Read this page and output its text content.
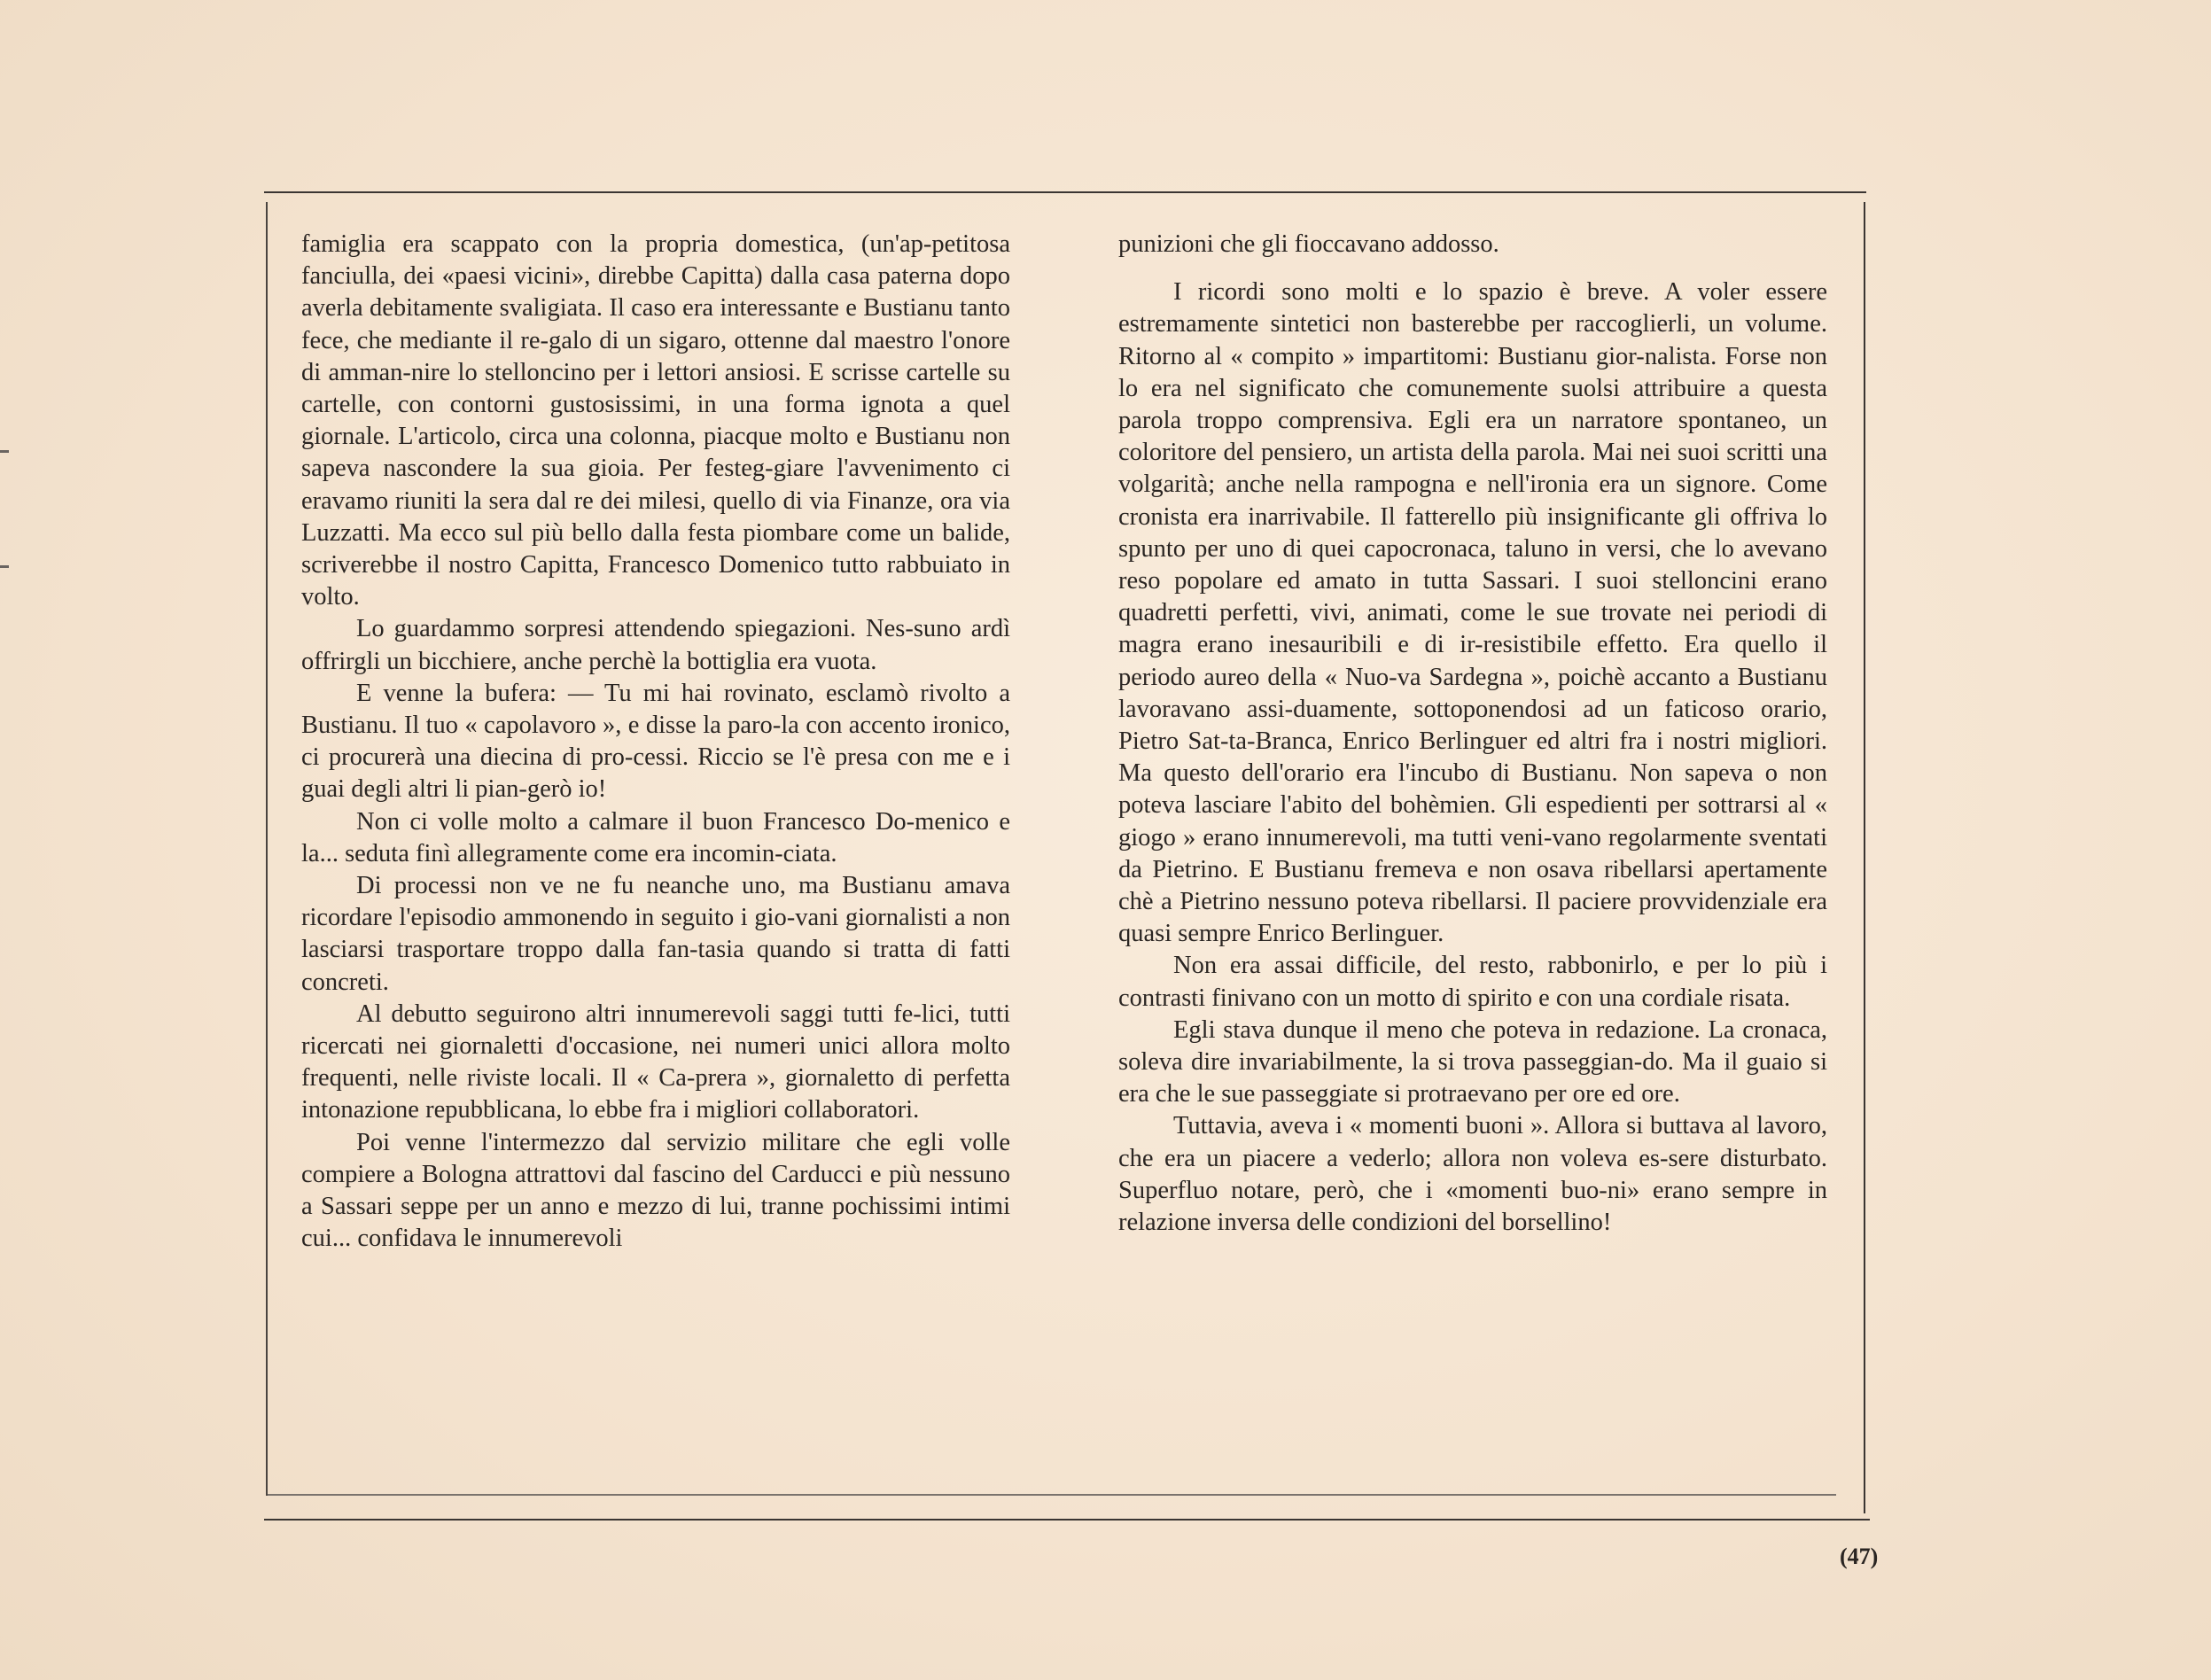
famiglia era scappato con la propria domestica, (un'ap-petitosa fanciulla, dei «paesi vicini», direbbe Capitta) dalla casa paterna dopo averla debitamente svaligiata. Il caso era interessante e Bustianu tanto fece, che mediante il re-galo di un sigaro, ottenne dal maestro l'onore di amman-nire lo stelloncino per i lettori ansiosi. E scrisse cartelle su cartelle, con contorni gustosissimi, in una forma ignota a quel giornale. L'articolo, circa una colonna, piacque molto e Bustianu non sapeva nascondere la sua gioia. Per festeg-giare l'avvenimento ci eravamo riuniti la sera dal re dei milesi, quello di via Finanze, ora via Luzzatti. Ma ecco sul più bello dalla festa piombare come un balide, scriverebbe il nostro Capitta, Francesco Domenico tutto rabbuiato in volto.

Lo guardammo sorpresi attendendo spiegazioni. Nes-suno ardì offrirgli un bicchiere, anche perchè la bottiglia era vuota.

E venne la bufera: — Tu mi hai rovinato, esclamò rivolto a Bustianu. Il tuo « capolavoro », e disse la paro-la con accento ironico, ci procurerà una diecina di pro-cessi. Riccio se l'è presa con me e i guai degli altri li pian-gerò io!

Non ci volle molto a calmare il buon Francesco Do-menico e la... seduta finì allegramente come era incomin-ciata.

Di processi non ve ne fu neanche uno, ma Bustianu amava ricordare l'episodio ammonendo in seguito i gio-vani giornalisti a non lasciarsi trasportare troppo dalla fan-tasia quando si tratta di fatti concreti.

Al debutto seguirono altri innumerevoli saggi tutti fe-lici, tutti ricercati nei giornaletti d'occasione, nei numeri unici allora molto frequenti, nelle riviste locali. Il « Ca-prera », giornaletto di perfetta intonazione repubblicana, lo ebbe fra i migliori collaboratori.

Poi venne l'intermezzo dal servizio militare che egli volle compiere a Bologna attrattovi dal fascino del Carducci e più nessuno a Sassari seppe per un anno e mezzo di lui, tranne pochissimi intimi cui... confidava le innumerevoli

punizioni che gli fioccavano addosso.

I ricordi sono molti e lo spazio è breve. A voler essere estremamente sintetici non basterebbe per raccoglierli, un volume. Ritorno al « compito » impartitomi: Bustianu gior-nalista. Forse non lo era nel significato che comunemente suolsi attribuire a questa parola troppo comprensiva. Egli era un narratore spontaneo, un coloritore del pensiero, un artista della parola. Mai nei suoi scritti una volgarità; anche nella rampogna e nell'ironia era un signore. Come cronista era inarrivabile. Il fatterello più insignificante gli offriva lo spunto per uno di quei capocronaca, taluno in versi, che lo avevano reso popolare ed amato in tutta Sassari. I suoi stelloncini erano quadretti perfetti, vivi, animati, come le sue trovate nei periodi di magra erano inesauribili e di ir-resistibile effetto. Era quello il periodo aureo della « Nuo-va Sardegna », poichè accanto a Bustianu lavoravano assi-duamente, sottoponendosi ad un faticoso orario, Pietro Sat-ta-Branca, Enrico Berlinguer ed altri fra i nostri migliori. Ma questo dell'orario era l'incubo di Bustianu. Non sapeva o non poteva lasciare l'abito del bohèmien. Gli espedienti per sottrarsi al « giogo » erano innumerevoli, ma tutti veni-vano regolarmente sventati da Pietrino. E Bustianu fremeva e non osava ribellarsi apertamente chè a Pietrino nessuno poteva ribellarsi. Il paciere provvidenziale era quasi sempre Enrico Berlinguer.

Non era assai difficile, del resto, rabbonirlo, e per lo più i contrasti finivano con un motto di spirito e con una cordiale risata.

Egli stava dunque il meno che poteva in redazione. La cronaca, soleva dire invariabilmente, la si trova passeggian-do. Ma il guaio si era che le sue passeggiate si protraevano per ore ed ore.

Tuttavia, aveva i « momenti buoni ». Allora si buttava al lavoro, che era un piacere a vederlo; allora non voleva es-sere disturbato. Superfluo notare, però, che i «momenti buo-ni» erano sempre in relazione inversa delle condizioni del borsellino!

(47)
